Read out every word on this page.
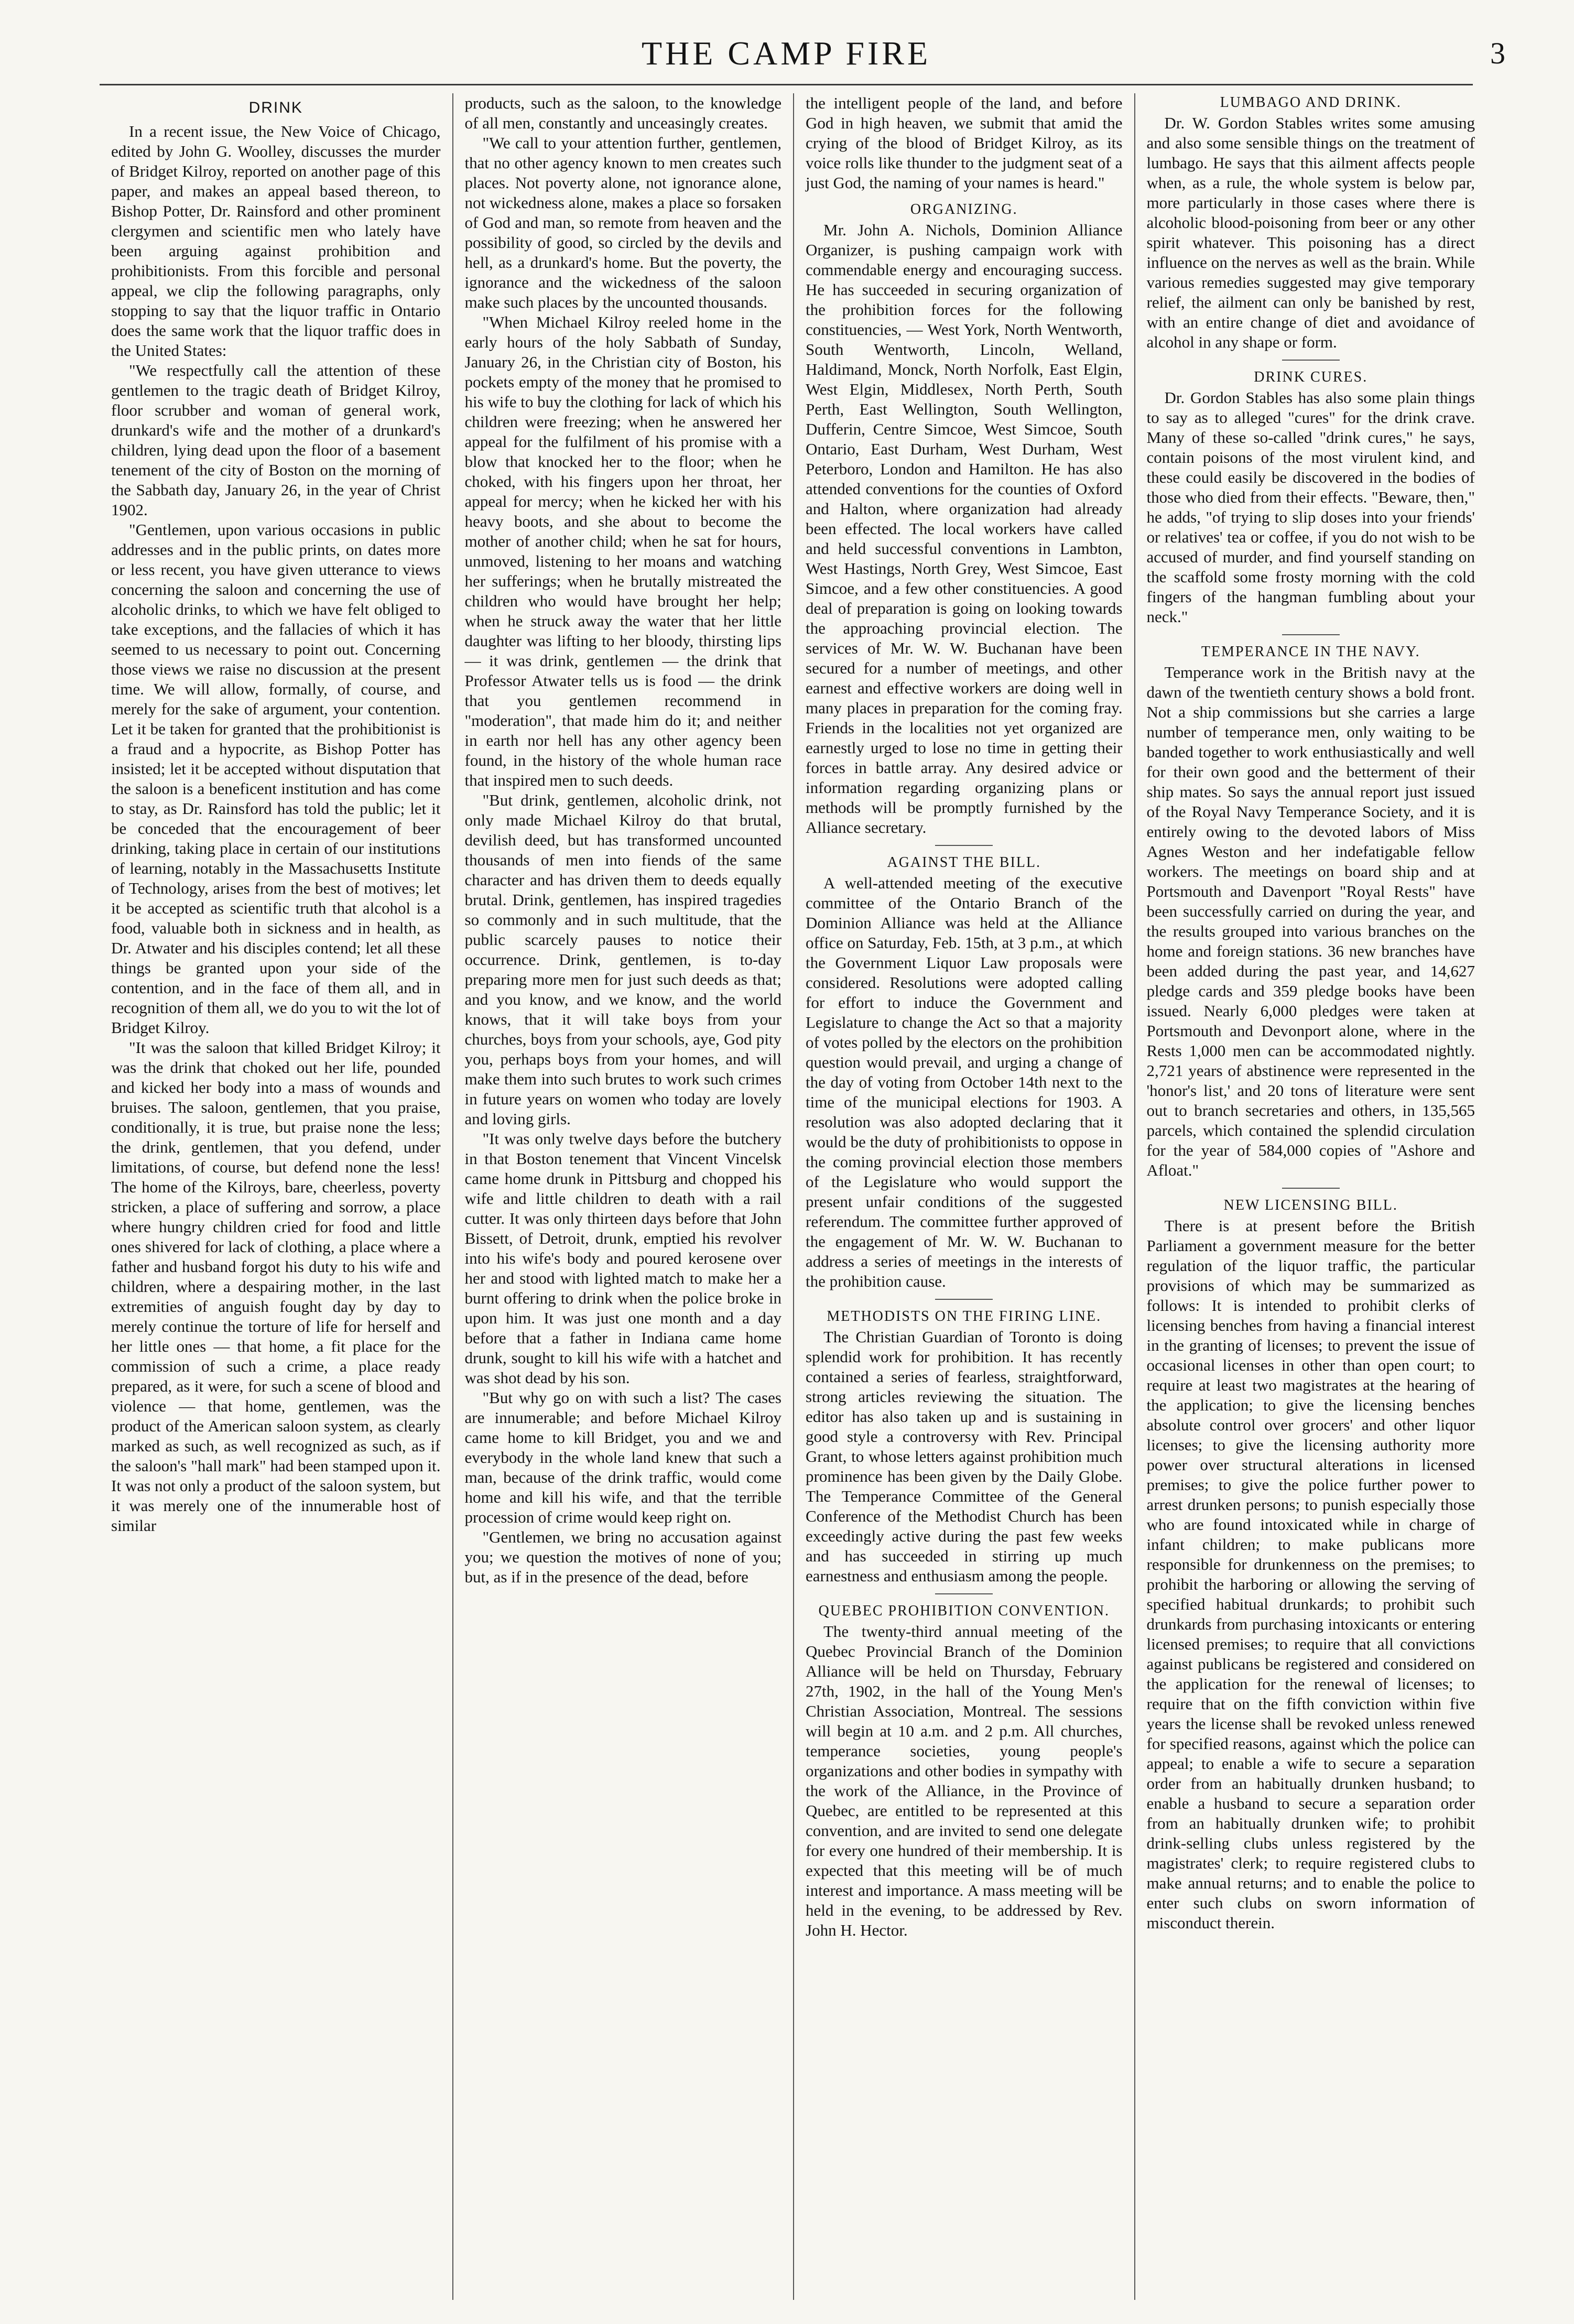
THE CAMP FIRE	3
DRINK

In a recent issue, the New Voice of Chicago, edited by John G. Woolley, discusses the murder of Bridget Kilroy, reported on another page of this paper, and makes an appeal based thereon, to Bishop Potter, Dr. Rainsford and other prominent clergymen and scientific men who lately have been arguing against prohibition and prohibitionists. From this forcible and personal appeal, we clip the following paragraphs, only stopping to say that the liquor traffic in Ontario does the same work that the liquor traffic does in the United States:

"We respectfully call the attention of these gentlemen to the tragic death of Bridget Kilroy, floor scrubber and woman of general work, drunkard's wife and the mother of a drunkard's children, lying dead upon the floor of a basement tenement of the city of Boston on the morning of the Sabbath day, January 26, in the year of Christ 1902.

"Gentlemen, upon various occasions in public addresses and in the public prints, on dates more or less recent, you have given utterance to views concerning the saloon and concerning the use of alcoholic drinks, to which we have felt obliged to take exceptions, and the fallacies of which it has seemed to us necessary to point out. Concerning those views we raise no discussion at the present time. We will allow, formally, of course, and merely for the sake of argument, your contention. Let it be taken for granted that the prohibitionist is a fraud and a hypocrite, as Bishop Potter has insisted; let it be accepted without disputation that the saloon is a beneficent institution and has come to stay, as Dr. Rainsford has told the public; let it be conceded that the encouragement of beer drinking, taking place in certain of our institutions of learning, notably in the Massachusetts Institute of Technology, arises from the best of motives; let it be accepted as scientific truth that alcohol is a food, valuable both in sickness and in health, as Dr. Atwater and his disciples contend; let all these things be granted upon your side of the contention, and in the face of them all, and in recognition of them all, we do you to wit the lot of Bridget Kilroy.

"It was the saloon that killed Bridget Kilroy; it was the drink that choked out her life, pounded and kicked her body into a mass of wounds and bruises. The saloon, gentlemen, that you praise, conditionally, it is true, but praise none the less; the drink, gentlemen, that you defend, under limitations, of course, but defend none the less! The home of the Kilroys, bare, cheerless, poverty stricken, a place of suffering and sorrow, a place where hungry children cried for food and little ones shivered for lack of clothing, a place where a father and husband forgot his duty to his wife and children, where a despairing mother, in the last extremities of anguish fought day by day to merely continue the torture of life for herself and her little ones — that home, a fit place for the commission of such a crime, a place ready prepared, as it were, for such a scene of blood and violence — that home, gentlemen, was the product of the American saloon system, as clearly marked as such, as well recognized as such, as if the saloon's "hall mark" had been stamped upon it. It was not only a product of the saloon system, but it was merely one of the innumerable host of similar

products, such as the saloon, to the knowledge of all men, constantly and unceasingly creates.

"We call to your attention further, gentlemen, that no other agency known to men creates such places. Not poverty alone, not ignorance alone, not wickedness alone, makes a place so forsaken of God and man, so remote from heaven and the possibility of good, so circled by the devils and hell, as a drunkard's home. But the poverty, the ignorance and the wickedness of the saloon make such places by the uncounted thousands.

"When Michael Kilroy reeled home in the early hours of the holy Sabbath of Sunday, January 26, in the Christian city of Boston, his pockets empty of the money that he promised to his wife to buy the clothing for lack of which his children were freezing; when he answered her appeal for the fulfilment of his promise with a blow that knocked her to the floor; when he choked, with his fingers upon her throat, her appeal for mercy; when he kicked her with his heavy boots, and she about to become the mother of another child; when he sat for hours, unmoved, listening to her moans and watching her sufferings; when he brutally mistreated the children who would have brought her help; when he struck away the water that her little daughter was lifting to her bloody, thirsting lips — it was drink, gentlemen — the drink that Professor Atwater tells us is food — the drink that you gentlemen recommend in "moderation", that made him do it; and neither in earth nor hell has any other agency been found, in the history of the whole human race that inspired men to such deeds.

"But drink, gentlemen, alcoholic drink, not only made Michael Kilroy do that brutal, devilish deed, but has transformed uncounted thousands of men into fiends of the same character and has driven them to deeds equally brutal. Drink, gentlemen, has inspired tragedies so commonly and in such multitude, that the public scarcely pauses to notice their occurrence. Drink, gentlemen, is to-day preparing more men for just such deeds as that; and you know, and we know, and the world knows, that it will take boys from your churches, boys from your schools, aye, God pity you, perhaps boys from your homes, and will make them into such brutes to work such crimes in future years on women who today are lovely and loving girls.

"It was only twelve days before the butchery in that Boston tenement that Vincent Vincelsk came home drunk in Pittsburg and chopped his wife and little children to death with a rail cutter. It was only thirteen days before that John Bissett, of Detroit, drunk, emptied his revolver into his wife's body and poured kerosene over her and stood with lighted match to make her a burnt offering to drink when the police broke in upon him. It was just one month and a day before that a father in Indiana came home drunk, sought to kill his wife with a hatchet and was shot dead by his son.

"But why go on with such a list? The cases are innumerable; and before Michael Kilroy came home to kill Bridget, you and we and everybody in the whole land knew that such a man, because of the drink traffic, would come home and kill his wife, and that the terrible procession of crime would keep right on.

"Gentlemen, we bring no accusation against you; we question the motives of none of you; but, as if in the presence of the dead, before

the intelligent people of the land, and before God in high heaven, we submit that amid the crying of the blood of Bridget Kilroy, as its voice rolls like thunder to the judgment seat of a just God, the naming of your names is heard."

ORGANIZING.

Mr. John A. Nichols, Dominion Alliance Organizer, is pushing campaign work with commendable energy and encouraging success. He has succeeded in securing organization of the prohibition forces for the following constituencies, — West York, North Wentworth, South Wentworth, Lincoln, Welland, Haldimand, Monck, North Norfolk, East Elgin, West Elgin, Middlesex, North Perth, South Perth, East Wellington, South Wellington, Dufferin, Centre Simcoe, West Simcoe, South Ontario, East Durham, West Durham, West Peterboro, London and Hamilton. He has also attended conventions for the counties of Oxford and Halton, where organization had already been effected. The local workers have called and held successful conventions in Lambton, West Hastings, North Grey, West Simcoe, East Simcoe, and a few other constituencies. A good deal of preparation is going on looking towards the approaching provincial election. The services of Mr. W. W. Buchanan have been secured for a number of meetings, and other earnest and effective workers are doing well in many places in preparation for the coming fray. Friends in the localities not yet organized are earnestly urged to lose no time in getting their forces in battle array. Any desired advice or information regarding organizing plans or methods will be promptly furnished by the Alliance secretary.

AGAINST THE BILL.

A well-attended meeting of the executive committee of the Ontario Branch of the Dominion Alliance was held at the Alliance office on Saturday, Feb. 15th, at 3 p.m., at which the Government Liquor Law proposals were considered. Resolutions were adopted calling for effort to induce the Government and Legislature to change the Act so that a majority of votes polled by the electors on the prohibition question would prevail, and urging a change of the day of voting from October 14th next to the time of the municipal elections for 1903. A resolution was also adopted declaring that it would be the duty of prohibitionists to oppose in the coming provincial election those members of the Legislature who would support the present unfair conditions of the suggested referendum. The committee further approved of the engagement of Mr. W. W. Buchanan to address a series of meetings in the interests of the prohibition cause.

METHODISTS ON THE FIRING LINE.

The Christian Guardian of Toronto is doing splendid work for prohibition. It has recently contained a series of fearless, straightforward, strong articles reviewing the situation. The editor has also taken up and is sustaining in good style a controversy with Rev. Principal Grant, to whose letters against prohibition much prominence has been given by the Daily Globe. The Temperance Committee of the General Conference of the Methodist Church has been exceedingly active during the past few weeks and has succeeded in stirring up much earnestness and enthusiasm among the people.

QUEBEC PROHIBITION CONVENTION.

The twenty-third annual meeting of the Quebec Provincial Branch of the Dominion Alliance will be held on Thursday, February 27th, 1902, in the hall of the Young Men's Christian Association, Montreal. The sessions will begin at 10 a.m. and 2 p.m. All churches, temperance societies, young people's organizations and other bodies in sympathy with the work of the Alliance, in the Province of Quebec, are entitled to be represented at this convention, and are invited to send one delegate for every one hundred of their membership. It is expected that this meeting will be of much interest and importance. A mass meeting will be held in the evening, to be addressed by Rev. John H. Hector.

LUMBAGO AND DRINK.

Dr. W. Gordon Stables writes some amusing and also some sensible things on the treatment of lumbago. He says that this ailment affects people when, as a rule, the whole system is below par, more particularly in those cases where there is alcoholic blood-poisoning from beer or any other spirit whatever. This poisoning has a direct influence on the nerves as well as the brain. While various remedies suggested may give temporary relief, the ailment can only be banished by rest, with an entire change of diet and avoidance of alcohol in any shape or form.

DRINK CURES.

Dr. Gordon Stables has also some plain things to say as to alleged "cures" for the drink crave. Many of these so-called "drink cures," he says, contain poisons of the most virulent kind, and these could easily be discovered in the bodies of those who died from their effects. "Beware, then," he adds, "of trying to slip doses into your friends' or relatives' tea or coffee, if you do not wish to be accused of murder, and find yourself standing on the scaffold some frosty morning with the cold fingers of the hangman fumbling about your neck."

TEMPERANCE IN THE NAVY.

Temperance work in the British navy at the dawn of the twentieth century shows a bold front. Not a ship commissions but she carries a large number of temperance men, only waiting to be banded together to work enthusiastically and well for their own good and the betterment of their ship mates. So says the annual report just issued of the Royal Navy Temperance Society, and it is entirely owing to the devoted labors of Miss Agnes Weston and her indefatigable fellow workers. The meetings on board ship and at Portsmouth and Davenport "Royal Rests" have been successfully carried on during the year, and the results grouped into various branches on the home and foreign stations. 36 new branches have been added during the past year, and 14,627 pledge cards and 359 pledge books have been issued. Nearly 6,000 pledges were taken at Portsmouth and Devonport alone, where in the Rests 1,000 men can be accommodated nightly. 2,721 years of abstinence were represented in the 'honor's list,' and 20 tons of literature were sent out to branch secretaries and others, in 135,565 parcels, which contained the splendid circulation for the year of 584,000 copies of "Ashore and Afloat."

NEW LICENSING BILL.

There is at present before the British Parliament a government measure for the better regulation of the liquor traffic, the particular provisions of which may be summarized as follows: It is intended to prohibit clerks of licensing benches from having a financial interest in the granting of licenses; to prevent the issue of occasional licenses in other than open court; to require at least two magistrates at the hearing of the application; to give the licensing benches absolute control over grocers' and other liquor licenses; to give the licensing authority more power over structural alterations in licensed premises; to give the police further power to arrest drunken persons; to punish especially those who are found intoxicated while in charge of infant children; to make publicans more responsible for drunkenness on the premises; to prohibit the harboring or allowing the serving of specified habitual drunkards; to prohibit such drunkards from purchasing intoxicants or entering licensed premises; to require that all convictions against publicans be registered and considered on the application for the renewal of licenses; to require that on the fifth conviction within five years the license shall be revoked unless renewed for specified reasons, against which the police can appeal; to enable a wife to secure a separation order from an habitually drunken husband; to enable a husband to secure a separation order from an habitually drunken wife; to prohibit drink-selling clubs unless registered by the magistrates' clerk; to require registered clubs to make annual returns; and to enable the police to enter such clubs on sworn information of misconduct therein.
